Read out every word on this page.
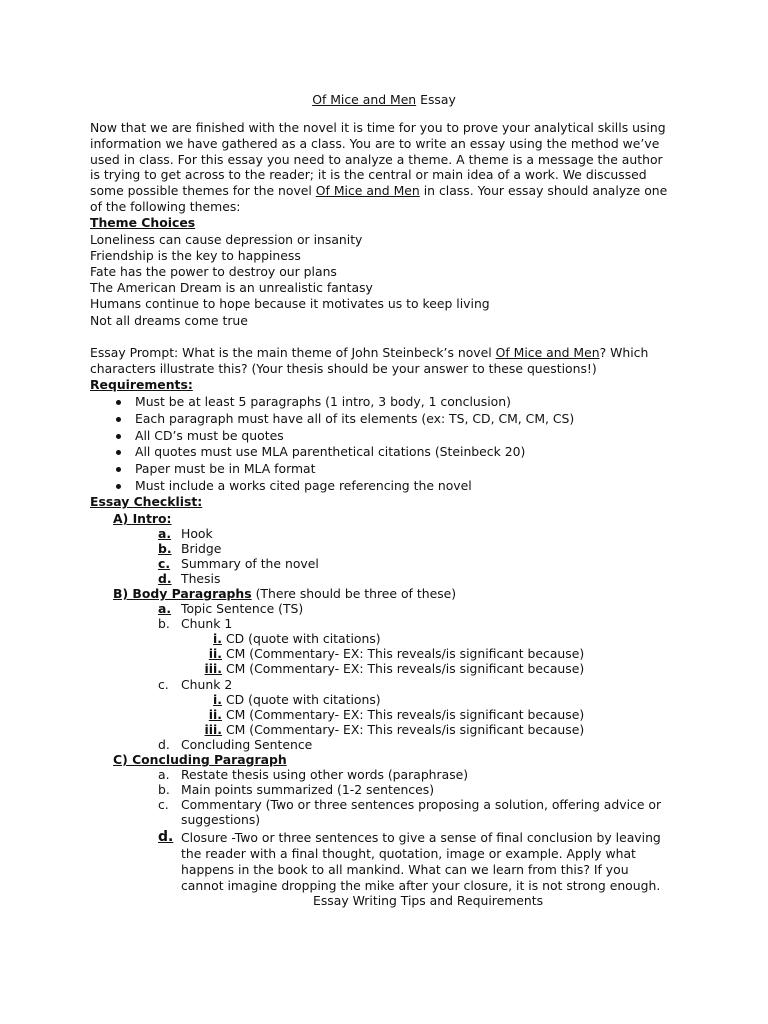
Of Mice and Men Essay
Now that we are finished with the novel it is time for you to prove your analytical skills using
information we have gathered as a class. You are to write an essay using the method we’ve
used in class. For this essay you need to analyze a theme. A theme is a message the author
is trying to get across to the reader; it is the central or main idea of a work. We discussed
some possible themes for the novel Of Mice and Men in class. Your essay should analyze one
of the following themes:
Theme Choices
Loneliness can cause depression or insanity
Friendship is the key to happiness
Fate has the power to destroy our plans
The American Dream is an unrealistic fantasy
Humans continue to hope because it motivates us to keep living
Not all dreams come true
Essay Prompt: What is the main theme of John Steinbeck’s novel Of Mice and Men? Which
characters illustrate this? (Your thesis should be your answer to these questions!)
Requirements:
Must be at least 5 paragraphs (1 intro, 3 body, 1 conclusion)
Each paragraph must have all of its elements (ex: TS, CD, CM, CM, CS)
All CD’s must be quotes
All quotes must use MLA parenthetical citations (Steinbeck 20)
Paper must be in MLA format
Must include a works cited page referencing the novel
Essay Checklist:
A) Intro:
a. Hook
b. Bridge
c. Summary of the novel
d. Thesis
B) Body Paragraphs (There should be three of these)
a. Topic Sentence (TS)
b. Chunk 1
i. CD (quote with citations)
ii. CM (Commentary- EX: This reveals/is significant because)
iii. CM (Commentary- EX: This reveals/is significant because)
c. Chunk 2
i. CD (quote with citations)
ii. CM (Commentary- EX: This reveals/is significant because)
iii. CM (Commentary- EX: This reveals/is significant because)
d. Concluding Sentence
C) Concluding Paragraph
a. Restate thesis using other words (paraphrase)
b. Main points summarized (1-2 sentences)
c. Commentary (Two or three sentences proposing a solution, offering advice or
suggestions)
d. Closure -Two or three sentences to give a sense of final conclusion by leaving
the reader with a final thought, quotation, image or example. Apply what
happens in the book to all mankind. What can we learn from this? If you
cannot imagine dropping the mike after your closure, it is not strong enough.
Essay Writing Tips and Requirements
